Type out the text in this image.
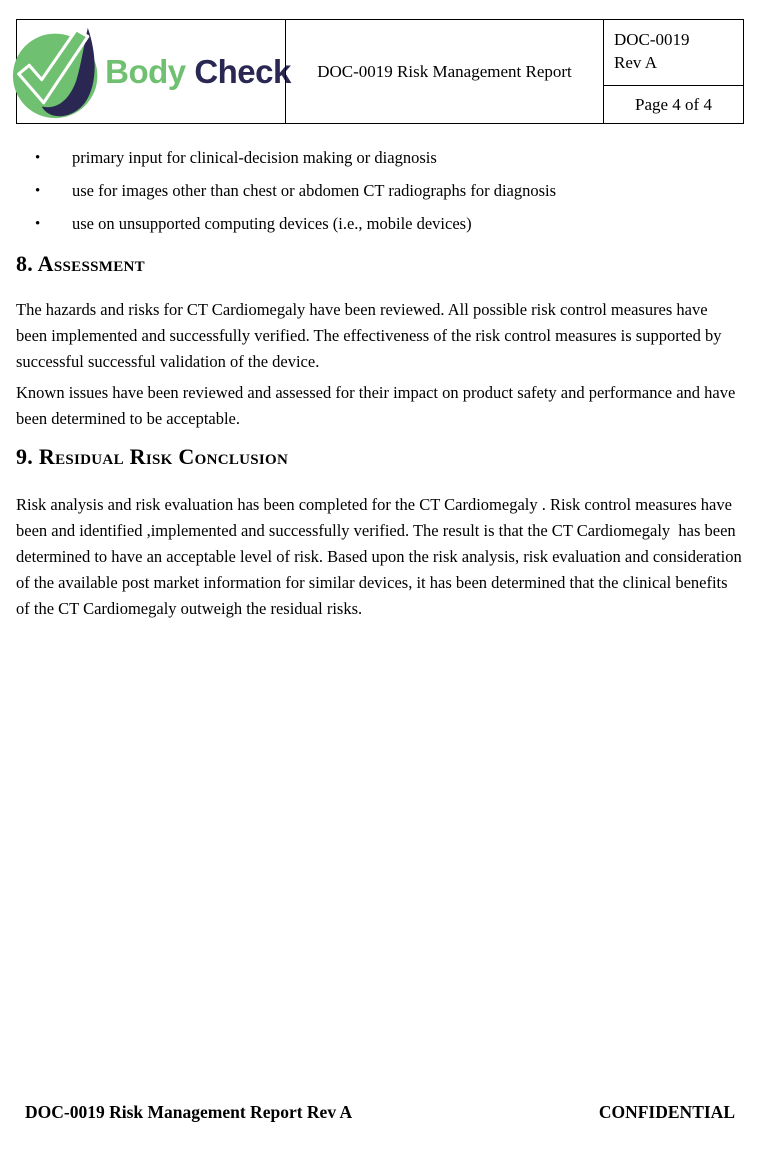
Body Check	DOC-0019 Risk Management Report
DOC-0019
Rev A
Page 4 of 4
•	primary input for clinical-decision making or diagnosis
•	use for images other than chest or abdomen CT radiographs for diagnosis
•	use on unsupported computing devices (i.e., mobile devices)
8. Assessment

The hazards and risks for CT Cardiomegaly have been reviewed. All possible risk control measures have been implemented and successfully verified. The effectiveness of the risk control measures is supported by successful successful validation of the device.

Known issues have been reviewed and assessed for their impact on product safety and performance and have been determined to be acceptable.

9. Residual Risk Conclusion

Risk analysis and risk evaluation has been completed for the CT Cardiomegaly . Risk control measures have been and identified ,implemented and successfully verified. The result is that the CT Cardiomegaly  has been determined to have an acceptable level of risk. Based upon the risk analysis, risk evaluation and consideration of the available post market information for similar devices, it has been determined that the clinical benefits of the CT Cardiomegaly outweigh the residual risks.

DOC-0019 Risk Management Report Rev A	CONFIDENTIAL
